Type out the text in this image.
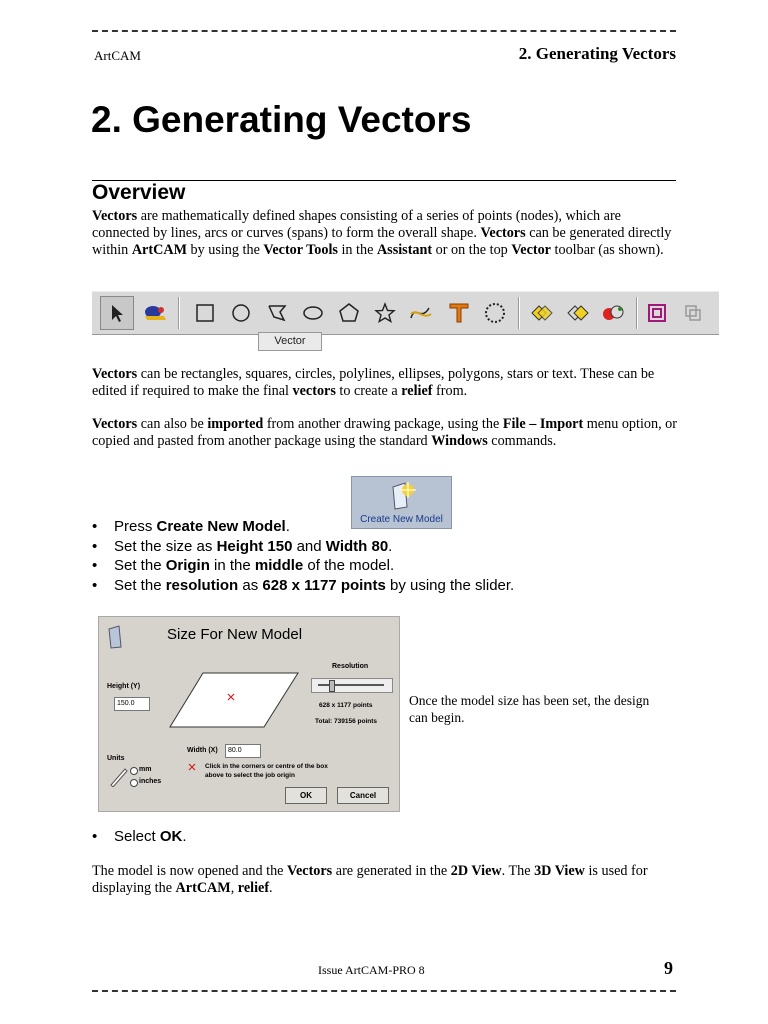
ArtCAM	2. Generating Vectors
2. Generating Vectors
Overview

Vectors are mathematically defined shapes consisting of a series of points (nodes), which are connected by lines, arcs or curves (spans) to form the overall shape. Vectors can be generated directly within ArtCAM by using the Vector Tools in the Assistant or on the top Vector toolbar (as shown).

Vector

Vectors can be rectangles, squares, circles, polylines, ellipses, polygons, stars or text. These can be edited if required to make the final vectors to create a relief from.

Vectors can also be imported from another drawing package, using the File – Import menu option, or copied and pasted from another package using the standard Windows commands.

Create New Model
• Press Create New Model.
• Set the size as Height 150 and Width 80.
• Set the Origin in the middle of the model.
• Set the resolution as 628 x 1177 points by using the slider.
Size For New Model
Resolution
628 x 1177 points
Total: 739156 points
Height (Y)
150.0
Width (X)	80.0
Units
mm
inches
Click in the corners or centre of the box above to select the job origin
OK	Cancel
Once the model size has been set, the design can begin.
• Select OK.

The model is now opened and the Vectors are generated in the 2D View. The 3D View is used for displaying the ArtCAM, relief.

Issue ArtCAM-PRO 8	9
